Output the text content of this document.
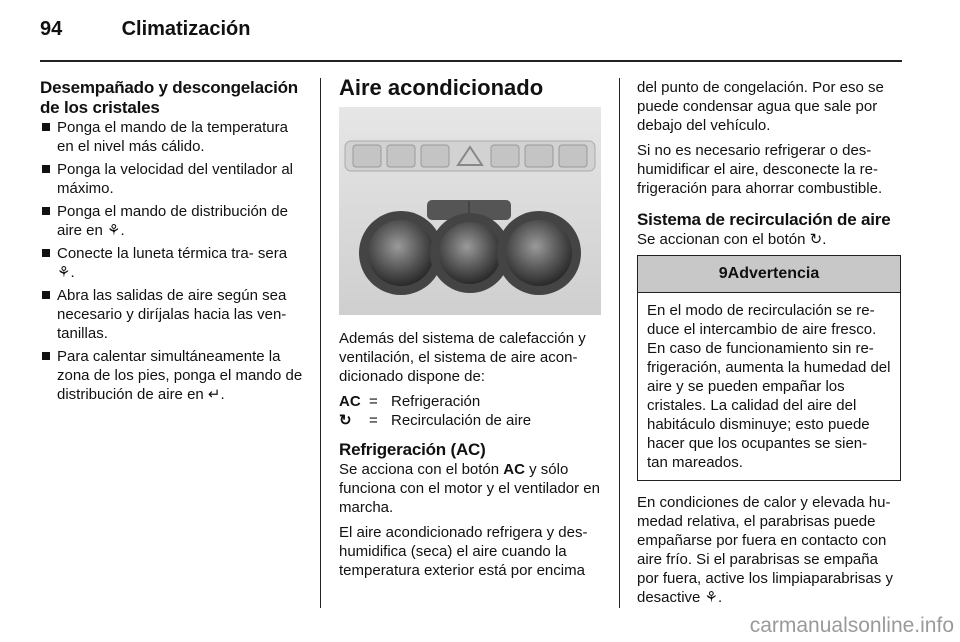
94	Climatización
Desempañado y descongelación de los cristales
Ponga el mando de la temperatura en el nivel más cálido.
Ponga la velocidad del ventilador al máximo.
Ponga el mando de distribución de aire en ⚘.
Conecte la luneta térmica tra- sera ⚘.
Abra las salidas de aire según sea necesario y diríjalas hacia las ven- tanillas.
Para calentar simultáneamente la zona de los pies, ponga el mando de distribución de aire en ↵.
Aire acondicionado

Además del sistema de calefacción y ventilación, el sistema de aire acon- dicionado dispone de:

AC = Refrigeración
↻	= Recirculación de aire
Refrigeración (AC)

Se acciona con el botón AC y sólo funciona con el motor y el ventilador en marcha.

El aire acondicionado refrigera y des- humidifica (seca) el aire cuando la temperatura exterior está por encima

del punto de congelación. Por eso se puede condensar agua que sale por debajo del vehículo.

Si no es necesario refrigerar o des- humidificar el aire, desconecte la re- frigeración para ahorrar combustible.

Sistema de recirculación de aire

Se accionan con el botón ↻.

9Advertencia
En el modo de recirculación se re- duce el intercambio de aire fresco. En caso de funcionamiento sin re- frigeración, aumenta la humedad del aire y se pueden empañar los cristales. La calidad del aire del habitáculo disminuye; esto puede hacer que los ocupantes se sien- tan mareados.

En condiciones de calor y elevada hu- medad relativa, el parabrisas puede empañarse por fuera en contacto con aire frío. Si el parabrisas se empaña por fuera, active los limpiaparabrisas y desactive ⚘.

carmanualsonline.info
